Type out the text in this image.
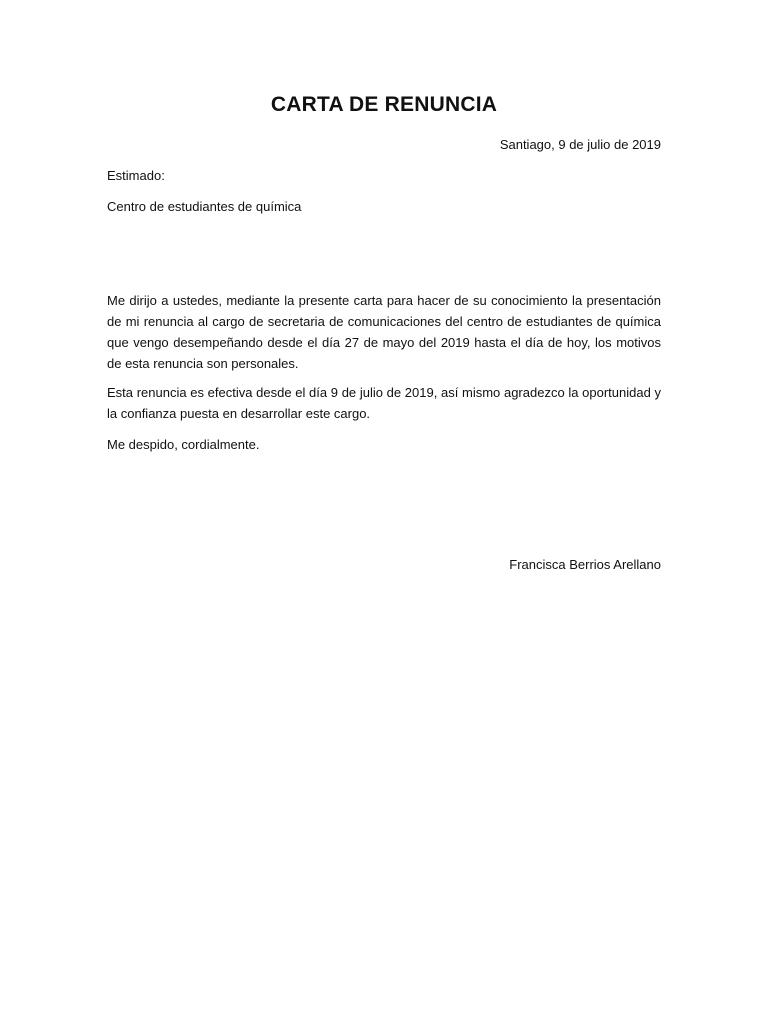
CARTA DE RENUNCIA
Santiago, 9 de julio de 2019
Estimado:
Centro de estudiantes de química
Me dirijo a ustedes, mediante la presente carta para hacer de su conocimiento la presentación de mi renuncia al cargo de secretaria de comunicaciones del centro de estudiantes de química que vengo desempeñando desde el día 27 de mayo del 2019 hasta el día de hoy, los motivos de esta renuncia son personales.
Esta renuncia es efectiva desde el día 9 de julio de 2019, así mismo agradezco la oportunidad y la confianza puesta en desarrollar este cargo.
Me despido, cordialmente.
Francisca Berrios Arellano
